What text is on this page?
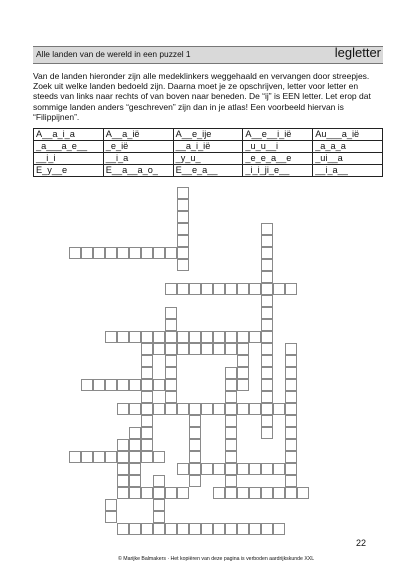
Alle landen van de wereld in een puzzel 1	legletter
Van de landen hieronder zijn alle medeklinkers weggehaald en vervangen door streepjes. Zoek uit welke landen bedoeld zijn. Daarna moet je ze opschrijven, letter voor letter en steeds van links naar rechts of van boven naar beneden. De “ij” is EEN letter. Let erop dat sommige landen anders “geschreven” zijn dan in je atlas! Een voorbeeld hiervan is “Filippijnen”.
A__a_i_a	A__a_ië	A__e_ije	A__e__i_ië	Au___a_ië
_a___a_e__	_e_ië	__a_i_ië	_u_u__i	_a_a_a
__i_i	__i_a	_y_u_	_e_e_a__e	_ui__a
E_y__e	E__a__a_o_	E__e_a__	_i_i_ji_e__	__i_a__
22
© Marijke Balmakers · Het kopiëren van deze pagina is verboden aardrijkskunde XXL
